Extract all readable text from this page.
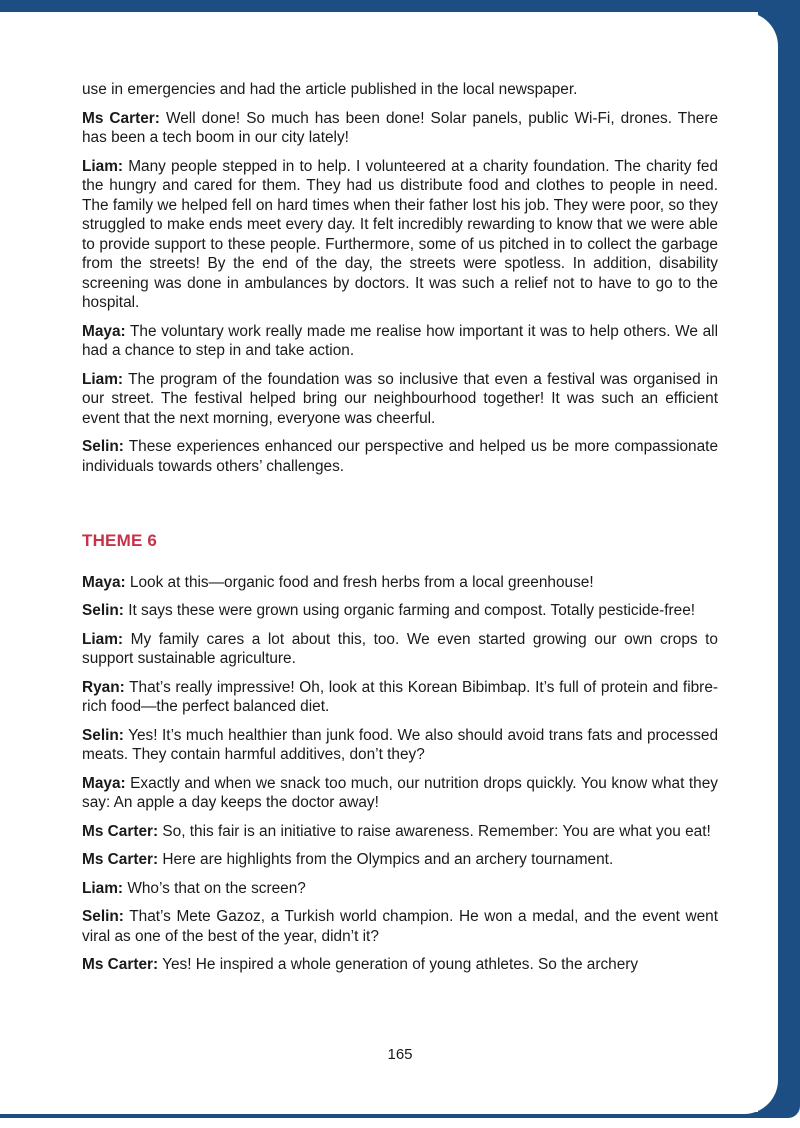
use in emergencies and had the article published in the local newspaper.

Ms Carter: Well done! So much has been done! Solar panels, public Wi-Fi, drones. There has been a tech boom in our city lately!

Liam: Many people stepped in to help. I volunteered at a charity foundation. The charity fed the hungry and cared for them. They had us distribute food and clothes to people in need. The family we helped fell on hard times when their father lost his job. They were poor, so they struggled to make ends meet every day. It felt incredibly rewarding to know that we were able to provide support to these people. Furthermore, some of us pitched in to collect the garbage from the streets! By the end of the day, the streets were spotless. In addition, disability screening was done in ambulances by doctors. It was such a relief not to have to go to the hospital.

Maya: The voluntary work really made me realise how important it was to help others. We all had a chance to step in and take action.

Liam: The program of the foundation was so inclusive that even a festival was organised in our street. The festival helped bring our neighbourhood together! It was such an efficient event that the next morning, everyone was cheerful.

Selin: These experiences enhanced our perspective and helped us be more compassionate individuals towards others’ challenges.

THEME 6

Maya: Look at this—organic food and fresh herbs from a local greenhouse!

Selin: It says these were grown using organic farming and compost. Totally pesticide-free!

Liam: My family cares a lot about this, too. We even started growing our own crops to support sustainable agriculture.

Ryan: That’s really impressive! Oh, look at this Korean Bibimbap. It’s full of protein and fibre-rich food—the perfect balanced diet.

Selin: Yes! It’s much healthier than junk food. We also should avoid trans fats and processed meats. They contain harmful additives, don’t they?

Maya: Exactly and when we snack too much, our nutrition drops quickly. You know what they say: An apple a day keeps the doctor away!

Ms Carter: So, this fair is an initiative to raise awareness. Remember: You are what you eat!

Ms Carter: Here are highlights from the Olympics and an archery tournament.

Liam: Who’s that on the screen?

Selin: That’s Mete Gazoz, a Turkish world champion. He won a medal, and the event went viral as one of the best of the year, didn’t it?

Ms Carter: Yes! He inspired a whole generation of young athletes. So the archery

165
